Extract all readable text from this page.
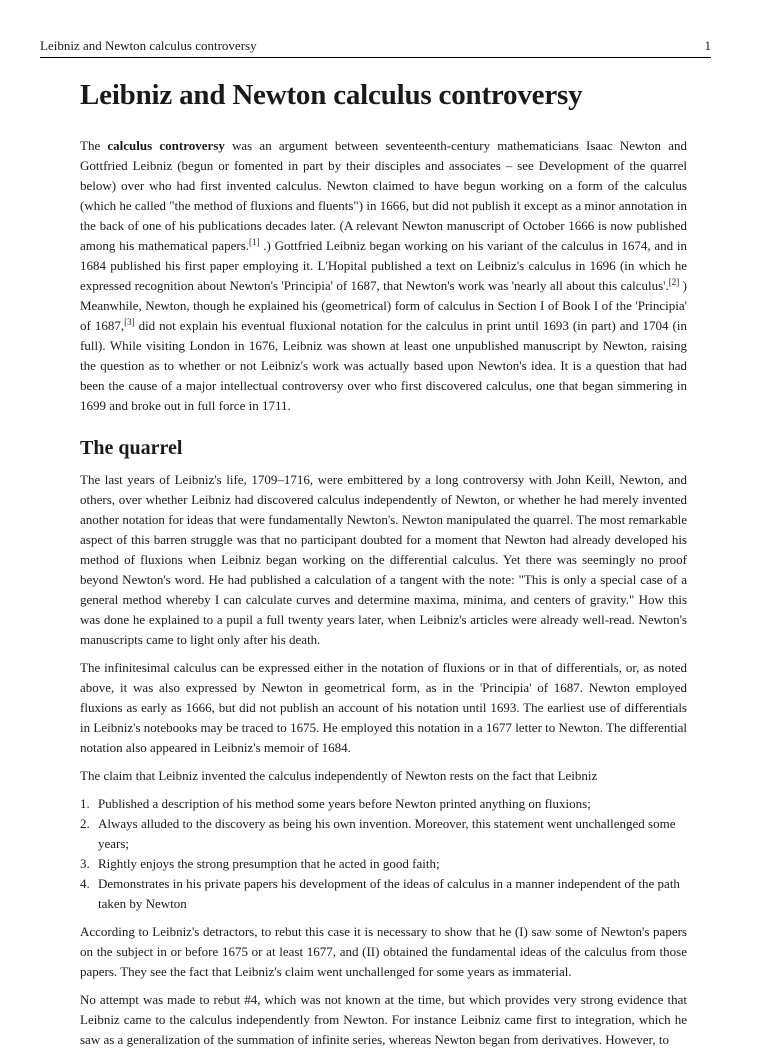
Leibniz and Newton calculus controversy	1
Leibniz and Newton calculus controversy

The calculus controversy was an argument between seventeenth-century mathematicians Isaac Newton and Gottfried Leibniz (begun or fomented in part by their disciples and associates – see Development of the quarrel below) over who had first invented calculus. Newton claimed to have begun working on a form of the calculus (which he called "the method of fluxions and fluents") in 1666, but did not publish it except as a minor annotation in the back of one of his publications decades later. (A relevant Newton manuscript of October 1666 is now published among his mathematical papers.[1] .) Gottfried Leibniz began working on his variant of the calculus in 1674, and in 1684 published his first paper employing it. L'Hopital published a text on Leibniz's calculus in 1696 (in which he expressed recognition about Newton's 'Principia' of 1687, that Newton's work was 'nearly all about this calculus'.[2] ) Meanwhile, Newton, though he explained his (geometrical) form of calculus in Section I of Book I of the 'Principia' of 1687,[3] did not explain his eventual fluxional notation for the calculus in print until 1693 (in part) and 1704 (in full). While visiting London in 1676, Leibniz was shown at least one unpublished manuscript by Newton, raising the question as to whether or not Leibniz's work was actually based upon Newton's idea. It is a question that had been the cause of a major intellectual controversy over who first discovered calculus, one that began simmering in 1699 and broke out in full force in 1711.

The quarrel

The last years of Leibniz's life, 1709–1716, were embittered by a long controversy with John Keill, Newton, and others, over whether Leibniz had discovered calculus independently of Newton, or whether he had merely invented another notation for ideas that were fundamentally Newton's. Newton manipulated the quarrel. The most remarkable aspect of this barren struggle was that no participant doubted for a moment that Newton had already developed his method of fluxions when Leibniz began working on the differential calculus. Yet there was seemingly no proof beyond Newton's word. He had published a calculation of a tangent with the note: "This is only a special case of a general method whereby I can calculate curves and determine maxima, minima, and centers of gravity." How this was done he explained to a pupil a full twenty years later, when Leibniz's articles were already well-read. Newton's manuscripts came to light only after his death.

The infinitesimal calculus can be expressed either in the notation of fluxions or in that of differentials, or, as noted above, it was also expressed by Newton in geometrical form, as in the 'Principia' of 1687. Newton employed fluxions as early as 1666, but did not publish an account of his notation until 1693. The earliest use of differentials in Leibniz's notebooks may be traced to 1675. He employed this notation in a 1677 letter to Newton. The differential notation also appeared in Leibniz's memoir of 1684.

The claim that Leibniz invented the calculus independently of Newton rests on the fact that Leibniz

1. Published a description of his method some years before Newton printed anything on fluxions;
2. Always alluded to the discovery as being his own invention. Moreover, this statement went unchallenged some years;
3. Rightly enjoys the strong presumption that he acted in good faith;
4. Demonstrates in his private papers his development of the ideas of calculus in a manner independent of the path taken by Newton

According to Leibniz's detractors, to rebut this case it is necessary to show that he (I) saw some of Newton's papers on the subject in or before 1675 or at least 1677, and (II) obtained the fundamental ideas of the calculus from those papers. They see the fact that Leibniz's claim went unchallenged for some years as immaterial.

No attempt was made to rebut #4, which was not known at the time, but which provides very strong evidence that Leibniz came to the calculus independently from Newton. For instance Leibniz came first to integration, which he saw as a generalization of the summation of infinite series, whereas Newton began from derivatives. However, to
